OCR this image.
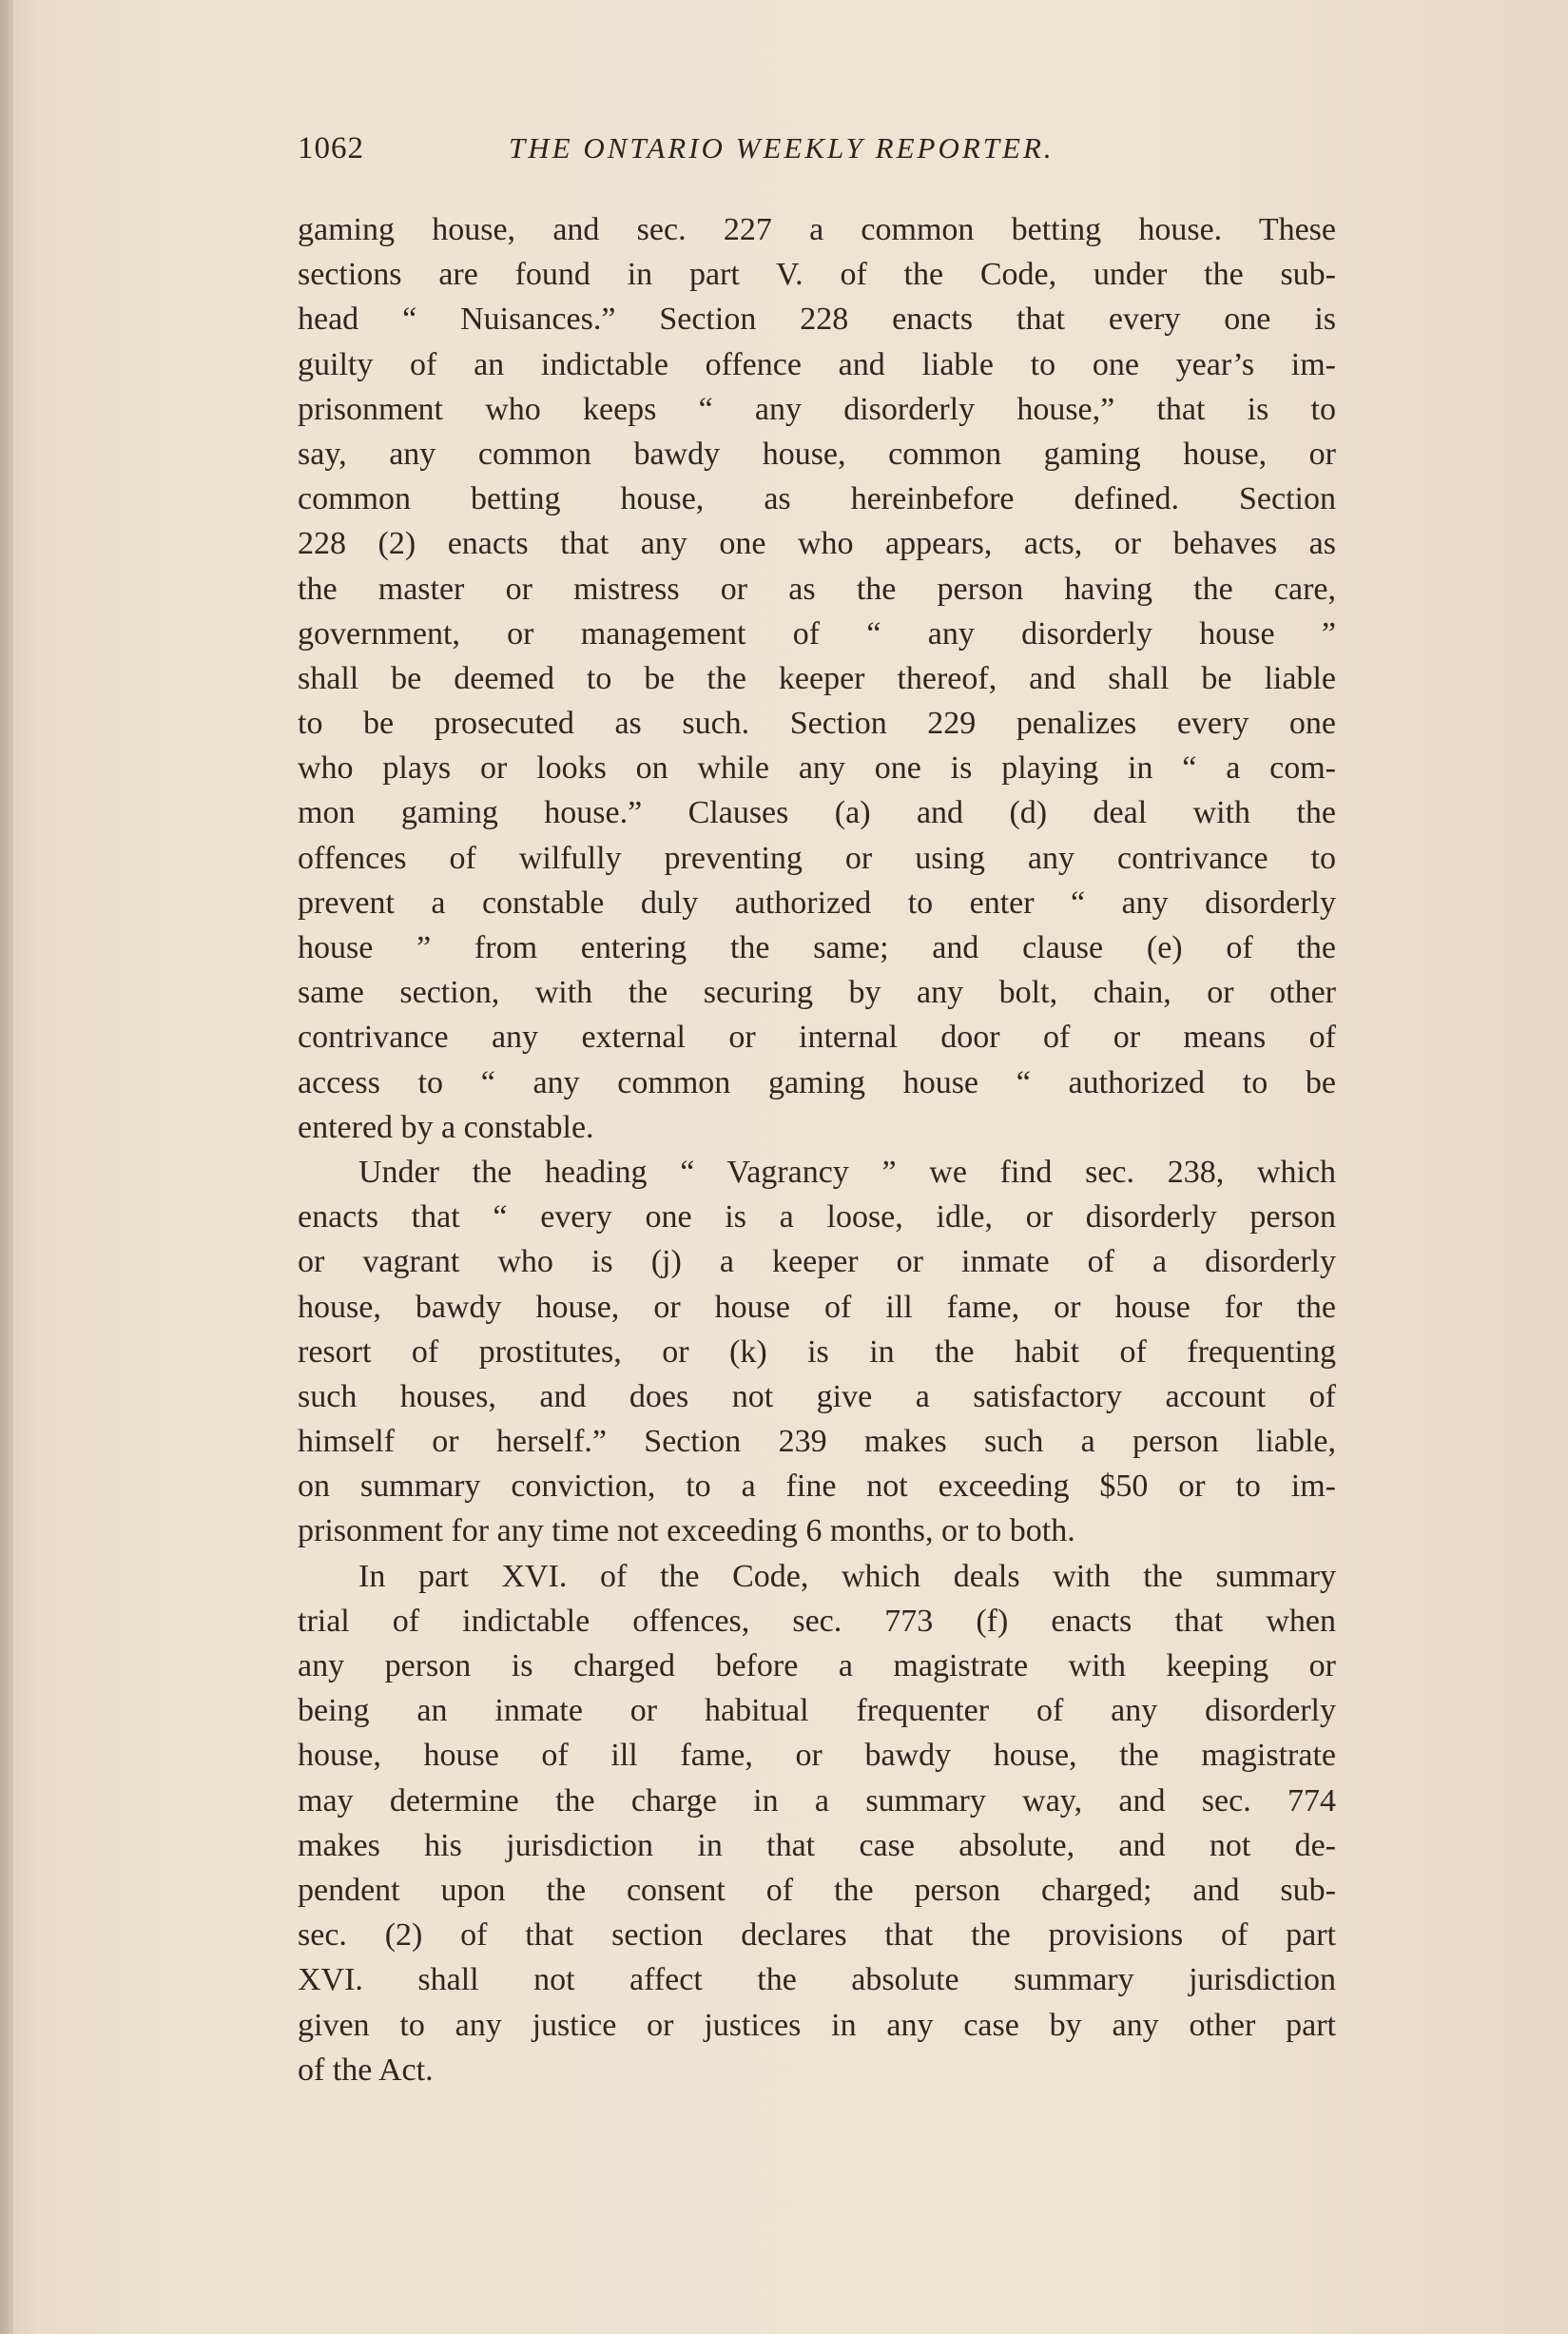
1062	THE ONTARIO WEEKLY REPORTER.
gaming house, and sec. 227 a common betting house. These
sections are found in part V. of the Code, under the sub-
head “ Nuisances.” Section 228 enacts that every one is
guilty of an indictable offence and liable to one year’s im-
prisonment who keeps “ any disorderly house,” that is to
say, any common bawdy house, common gaming house, or
common betting house, as hereinbefore defined. Section
228 (2) enacts that any one who appears, acts, or behaves as
the master or mistress or as the person having the care,
government, or management of “ any disorderly house ”
shall be deemed to be the keeper thereof, and shall be liable
to be prosecuted as such. Section 229 penalizes every one
who plays or looks on while any one is playing in “ a com-
mon gaming house.” Clauses (a) and (d) deal with the
offences of wilfully preventing or using any contrivance to
prevent a constable duly authorized to enter “ any disorderly
house ” from entering the same; and clause (e) of the
same section, with the securing by any bolt, chain, or other
contrivance any external or internal door of or means of
access to “ any common gaming house “ authorized to be
entered by a constable.
Under the heading “ Vagrancy ” we find sec. 238, which
enacts that “ every one is a loose, idle, or disorderly person
or vagrant who is (j) a keeper or inmate of a disorderly
house, bawdy house, or house of ill fame, or house for the
resort of prostitutes, or (k) is in the habit of frequenting
such houses, and does not give a satisfactory account of
himself or herself.” Section 239 makes such a person liable,
on summary conviction, to a fine not exceeding $50 or to im-
prisonment for any time not exceeding 6 months, or to both.
In part XVI. of the Code, which deals with the summary
trial of indictable offences, sec. 773 (f) enacts that when
any person is charged before a magistrate with keeping or
being an inmate or habitual frequenter of any disorderly
house, house of ill fame, or bawdy house, the magistrate
may determine the charge in a summary way, and sec. 774
makes his jurisdiction in that case absolute, and not de-
pendent upon the consent of the person charged; and sub-
sec. (2) of that section declares that the provisions of part
XVI. shall not affect the absolute summary jurisdiction
given to any justice or justices in any case by any other part
of the Act.
